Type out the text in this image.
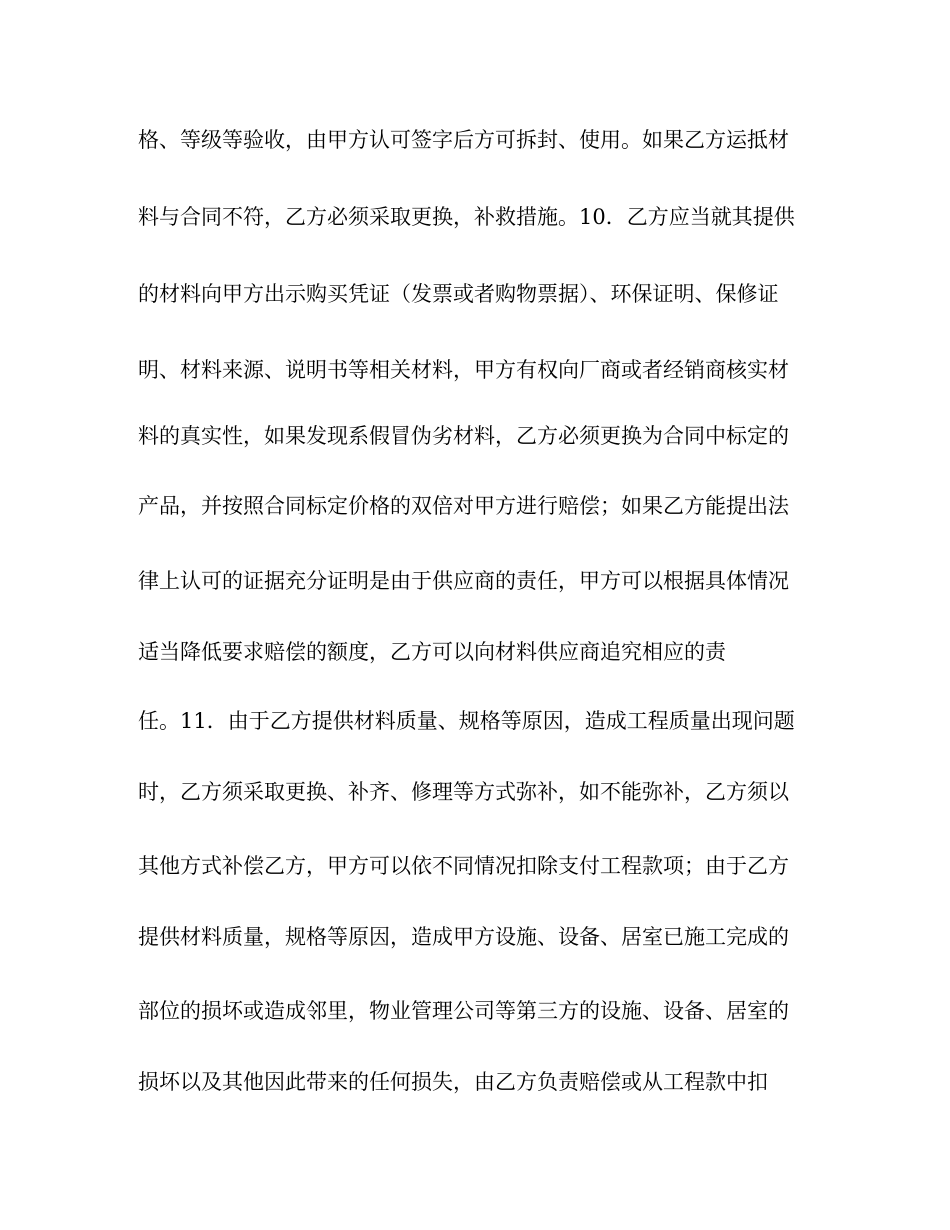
格、等级等验收，由甲方认可签字后方可拆封、使用。如果乙方运抵材
料与合同不符，乙方必须采取更换，补救措施。10．乙方应当就其提供
的材料向甲方出示购买凭证（发票或者购物票据）、环保证明、保修证
明、材料来源、说明书等相关材料，甲方有权向厂商或者经销商核实材
料的真实性，如果发现系假冒伪劣材料，乙方必须更换为合同中标定的
产品，并按照合同标定价格的双倍对甲方进行赔偿；如果乙方能提出法
律上认可的证据充分证明是由于供应商的责任，甲方可以根据具体情况
适当降低要求赔偿的额度，乙方可以向材料供应商追究相应的责
任。11．由于乙方提供材料质量、规格等原因，造成工程质量出现问题
时，乙方须采取更换、补齐、修理等方式弥补，如不能弥补，乙方须以
其他方式补偿乙方，甲方可以依不同情况扣除支付工程款项；由于乙方
提供材料质量，规格等原因，造成甲方设施、设备、居室已施工完成的
部位的损坏或造成邻里，物业管理公司等第三方的设施、设备、居室的
损坏以及其他因此带来的任何损失，由乙方负责赔偿或从工程款中扣
